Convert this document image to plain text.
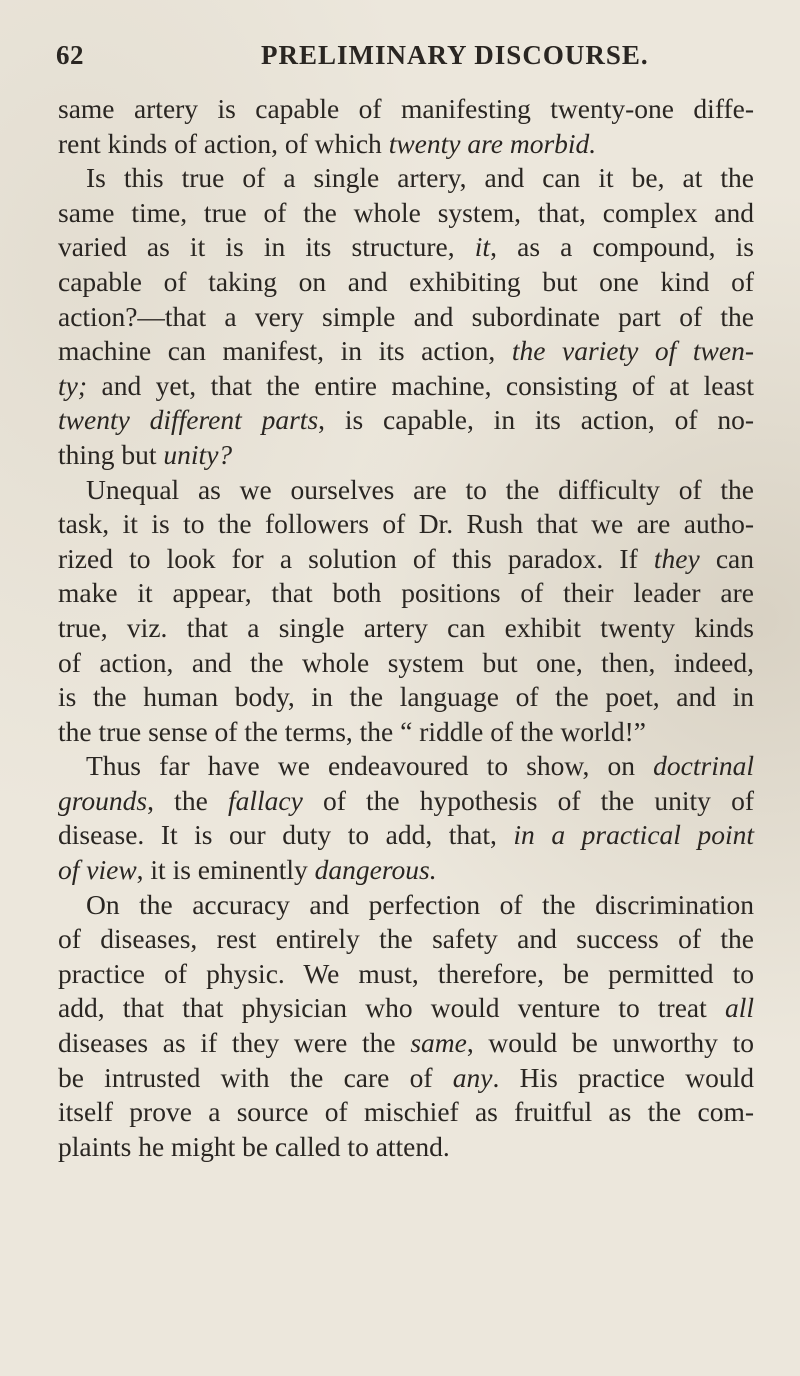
62	PRELIMINARY DISCOURSE.
same artery is capable of manifesting twenty-one diffe-
rent kinds of action, of which twenty are morbid.
Is this true of a single artery, and can it be, at the
same time, true of the whole system, that, complex and
varied as it is in its structure, it, as a compound, is
capable of taking on and exhibiting but one kind of
action?—that a very simple and subordinate part of the
machine can manifest, in its action, the variety of twen-
ty; and yet, that the entire machine, consisting of at least
twenty different parts, is capable, in its action, of no-
thing but unity?
Unequal as we ourselves are to the difficulty of the
task, it is to the followers of Dr. Rush that we are autho-
rized to look for a solution of this paradox. If they can
make it appear, that both positions of their leader are
true, viz. that a single artery can exhibit twenty kinds
of action, and the whole system but one, then, indeed,
is the human body, in the language of the poet, and in
the true sense of the terms, the “ riddle of the world!”
Thus far have we endeavoured to show, on doctrinal
grounds, the fallacy of the hypothesis of the unity of
disease. It is our duty to add, that, in a practical point
of view, it is eminently dangerous.
On the accuracy and perfection of the discrimination
of diseases, rest entirely the safety and success of the
practice of physic. We must, therefore, be permitted to
add, that that physician who would venture to treat all
diseases as if they were the same, would be unworthy to
be intrusted with the care of any. His practice would
itself prove a source of mischief as fruitful as the com-
plaints he might be called to attend.
